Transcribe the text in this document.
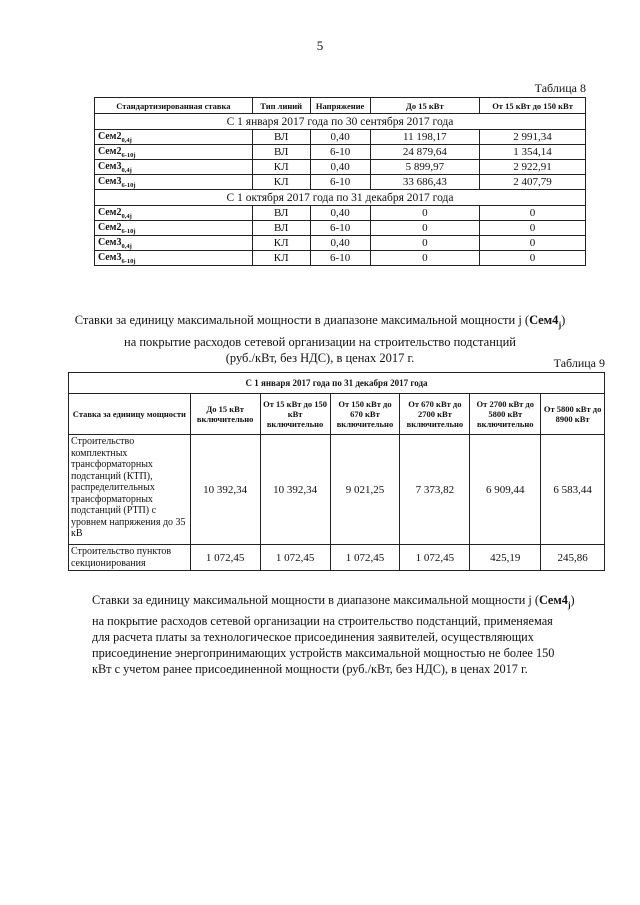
5
Таблица 8
Стандартизированная ставка	Тип линий	Напряжение	До 15 кВт	От 15 кВт до 150 кВт
С 1 января 2017 года по 30 сентября 2017 года				
$Cем2_{0,4j}$	ВЛ	0,40	11 198,17	2 991,34
$Cем2_{6-10j}$	ВЛ	6-10	24 879,64	1 354,14
$Cем3_{0,4j}$	КЛ	0,40	5 899,97	2 922,91
$Cем3_{6-10j}$	КЛ	6-10	33 686,43	2 407,79
С 1 октября 2017 года по 31 декабря 2017 года				
$Cем2_{0,4j}$	ВЛ	0,40	0	0
$Cем2_{6-10j}$	ВЛ	6-10	0	0
$Cем3_{0,4j}$	КЛ	0,40	0	0
$Cем3_{6-10j}$	КЛ	6-10	0	0
Ставки за единицу максимальной мощности в диапазоне максимальной мощности j $(Cем4_j)$
на покрытие расходов сетевой организации на строительство подстанций
(руб./кВт, без НДС), в ценах 2017 г.	Таблица 9
С 1 января 2017 года по 31 декабря 2017 года						
Ставка за единицу мощности	До 15 кВт включительно	От 15 кВт до 150 кВт включительно	От 150 кВт до 670 кВт включительно	От 670 кВт до 2700 кВт включительно	От 2700 кВт до 5800 кВт включительно	От 5800 кВт до 8900 кВт
Строительство комплектных трансформаторных подстанций (КТП), распределительных трансформаторных подстанций (РТП) с уровнем напряжения до 35 кВ	10 392,34	10 392,34	9 021,25	7 373,82	6 909,44	6 583,44
Строительство пунктов секционирования	1 072,45	1 072,45	1 072,45	1 072,45	425,19	245,86
Ставки за единицу максимальной мощности в диапазоне максимальной мощности j $(Cем4_j)$
на покрытие расходов сетевой организации на строительство подстанций, применяемая
для расчета платы за технологическое присоединения заявителей, осуществляющих
присоединение энергопринимающих устройств максимальной мощностью не более 150
кВт с учетом ранее присоединенной мощности (руб./кВт, без НДС), в ценах 2017 г.
